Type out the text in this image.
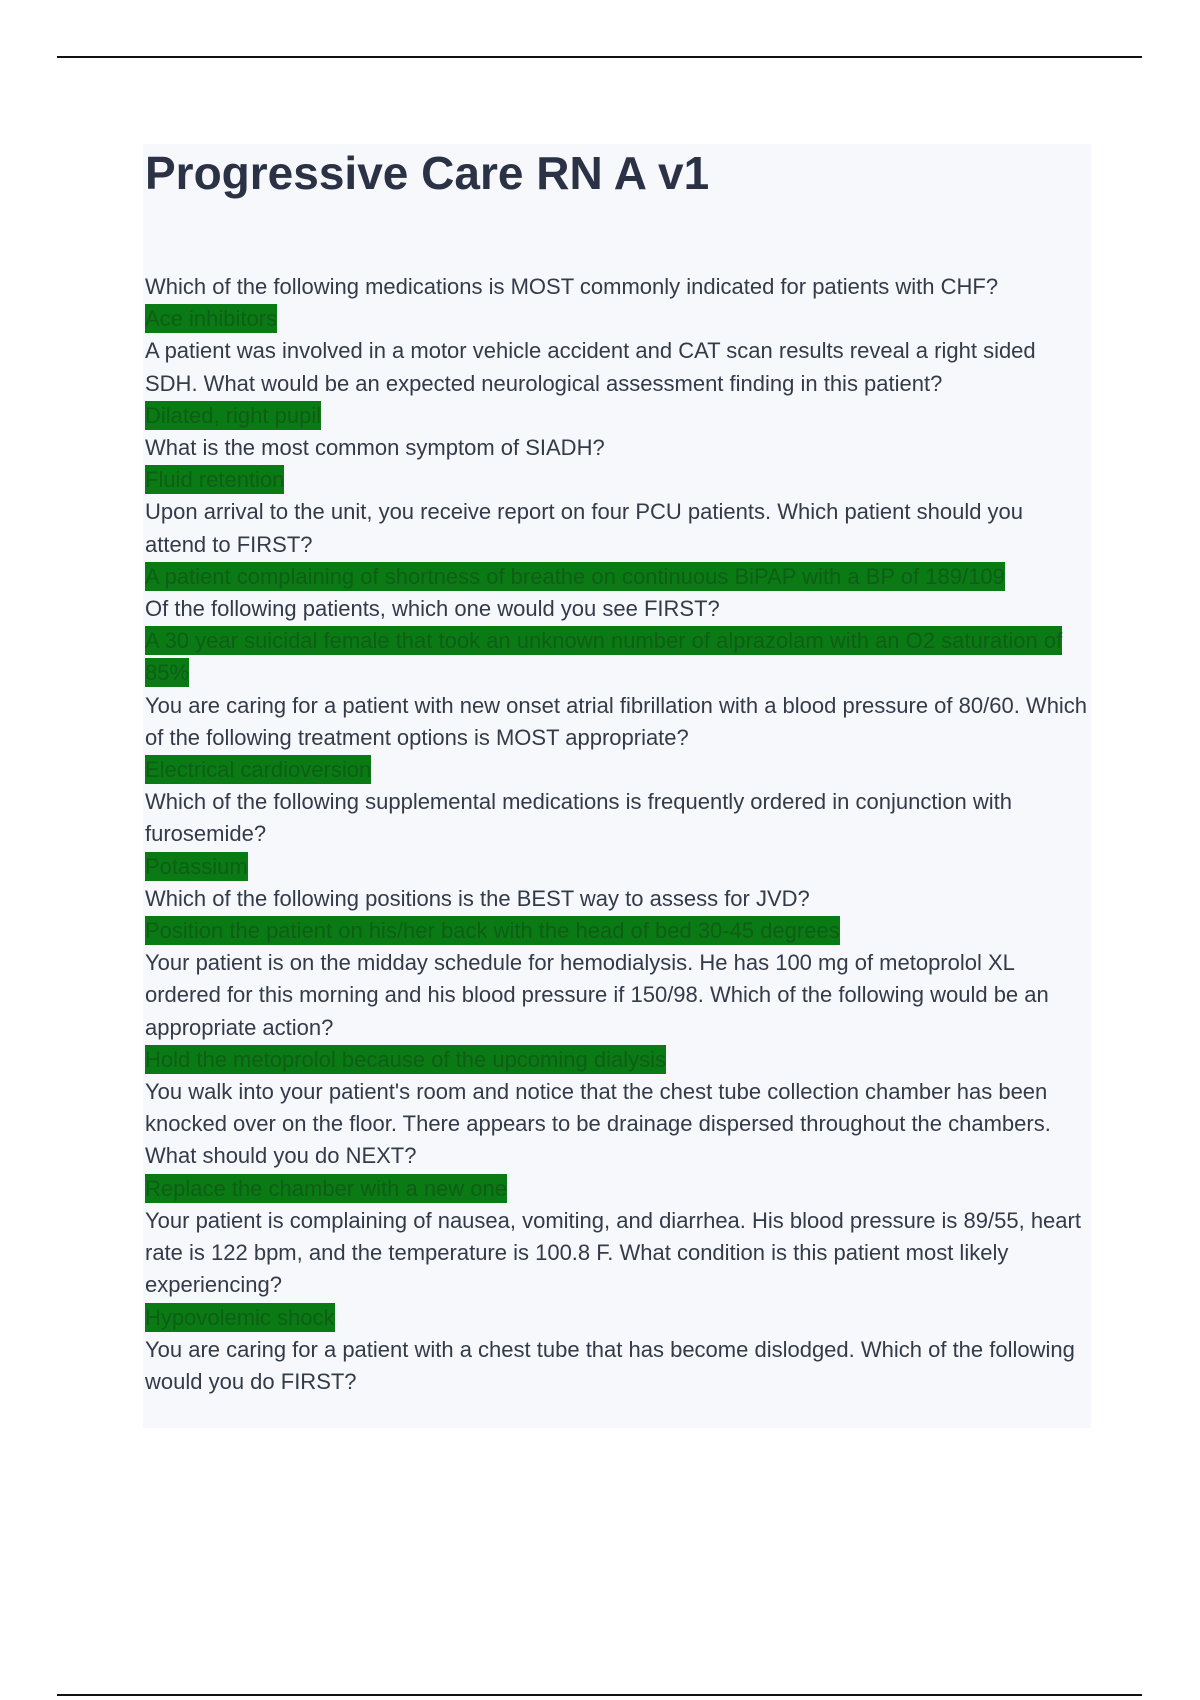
Progressive Care RN A v1
Which of the following medications is MOST commonly indicated for patients with CHF?
Ace inhibitors
A patient was involved in a motor vehicle accident and CAT scan results reveal a right sided SDH. What would be an expected neurological assessment finding in this patient?
Dilated, right pupil
What is the most common symptom of SIADH?
Fluid retention
Upon arrival to the unit, you receive report on four PCU patients. Which patient should you attend to FIRST?
A patient complaining of shortness of breathe on continuous BiPAP with a BP of 189/109
Of the following patients, which one would you see FIRST?
A 30 year suicidal female that took an unknown number of alprazolam with an O2 saturation of 85%
You are caring for a patient with new onset atrial fibrillation with a blood pressure of 80/60. Which of the following treatment options is MOST appropriate?
Electrical cardioversion
Which of the following supplemental medications is frequently ordered in conjunction with furosemide?
Potassium
Which of the following positions is the BEST way to assess for JVD?
Position the patient on his/her back with the head of bed 30-45 degrees
Your patient is on the midday schedule for hemodialysis. He has 100 mg of metoprolol XL ordered for this morning and his blood pressure if 150/98. Which of the following would be an appropriate action?
Hold the metoprolol because of the upcoming dialysis
You walk into your patient's room and notice that the chest tube collection chamber has been knocked over on the floor. There appears to be drainage dispersed throughout the chambers. What should you do NEXT?
Replace the chamber with a new one
Your patient is complaining of nausea, vomiting, and diarrhea. His blood pressure is 89/55, heart rate is 122 bpm, and the temperature is 100.8 F. What condition is this patient most likely experiencing?
Hypovolemic shock
You are caring for a patient with a chest tube that has become dislodged. Which of the following would you do FIRST?
